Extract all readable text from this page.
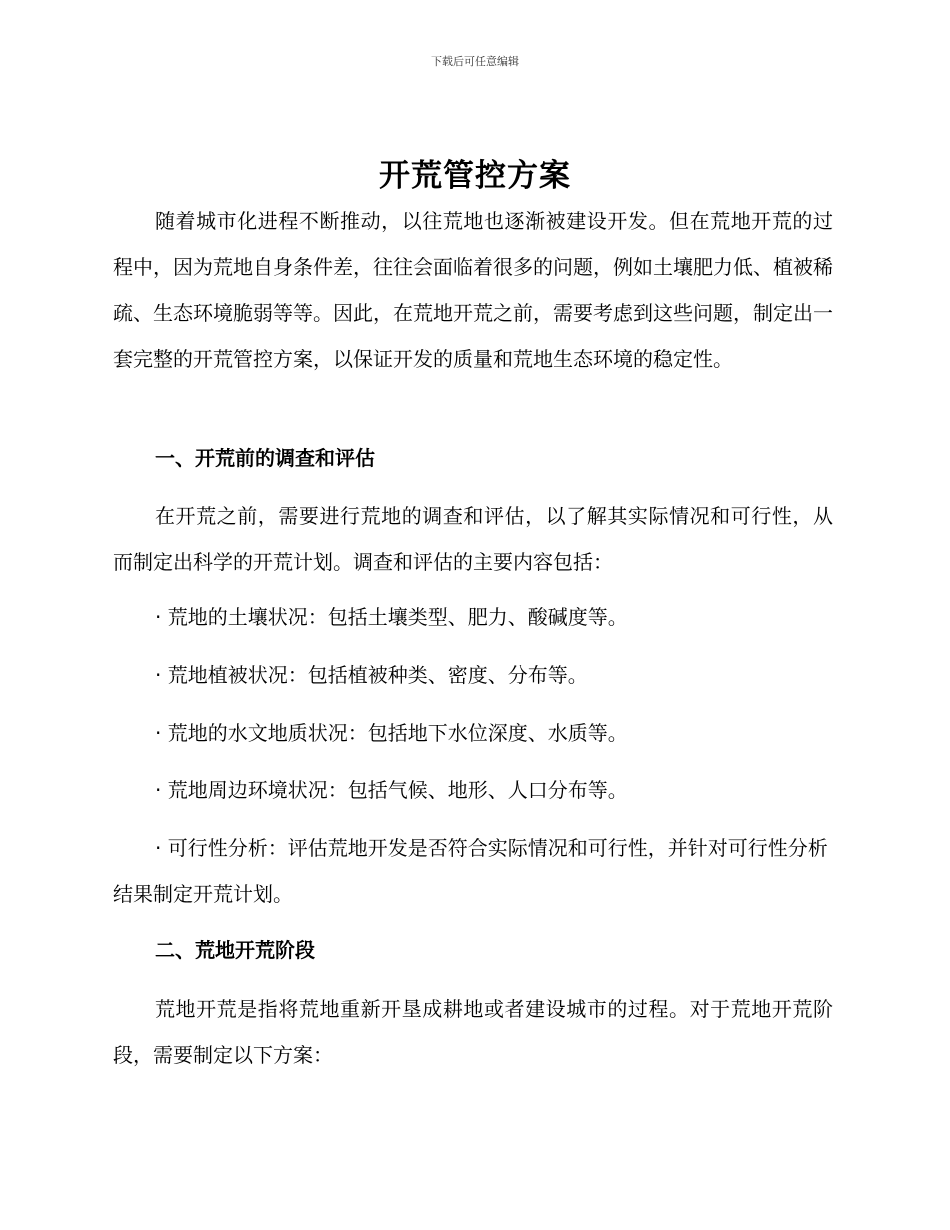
下载后可任意编辑
开荒管控方案

随着城市化进程不断推动，以往荒地也逐渐被建设开发。但在荒地开荒的过程中，因为荒地自身条件差，往往会面临着很多的问题，例如土壤肥力低、植被稀疏、生态环境脆弱等等。因此，在荒地开荒之前，需要考虑到这些问题，制定出一套完整的开荒管控方案，以保证开发的质量和荒地生态环境的稳定性。

一、开荒前的调查和评估

在开荒之前，需要进行荒地的调查和评估，以了解其实际情况和可行性，从而制定出科学的开荒计划。调查和评估的主要内容包括：

· 荒地的土壤状况：包括土壤类型、肥力、酸碱度等。

· 荒地植被状况：包括植被种类、密度、分布等。

· 荒地的水文地质状况：包括地下水位深度、水质等。

· 荒地周边环境状况：包括气候、地形、人口分布等。

· 可行性分析：评估荒地开发是否符合实际情况和可行性，并针对可行性分析结果制定开荒计划。

二、荒地开荒阶段

荒地开荒是指将荒地重新开垦成耕地或者建设城市的过程。对于荒地开荒阶段，需要制定以下方案：
